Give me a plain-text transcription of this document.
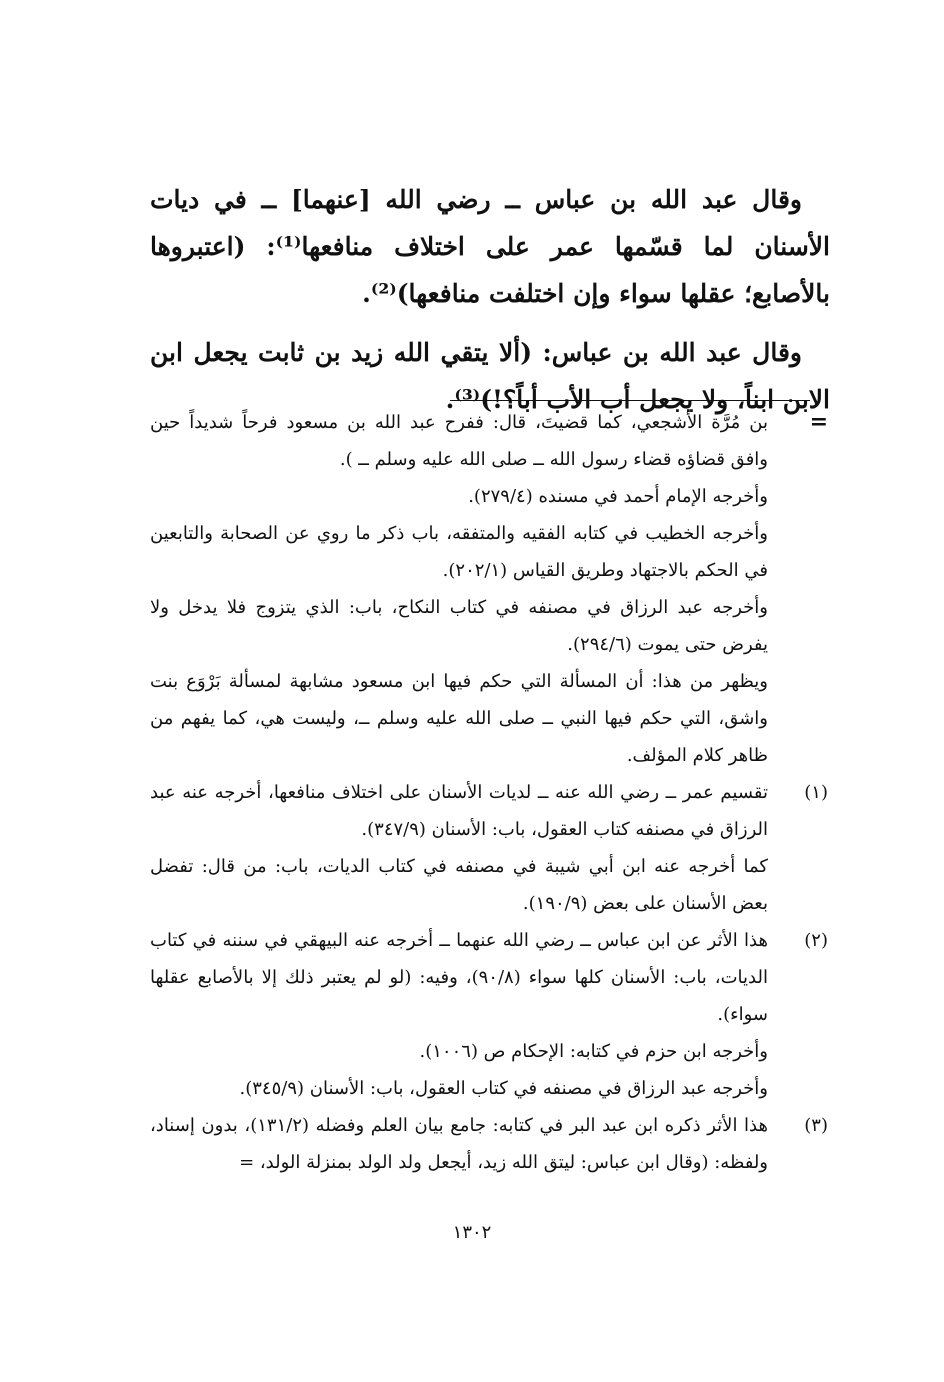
وقال عبد الله بن عباس ــ رضي الله [عنهما] ــ في ديات الأسنان لما قسّمها عمر على اختلاف منافعها⁽¹⁾: (اعتبروها بالأصابع؛ عقلها سواء وإن اختلفت منافعها)⁽²⁾.

وقال عبد الله بن عباس: (ألا يتقي الله زيد بن ثابت يجعل ابن الابن ابناً، ولا يجعل أب الأب أباً؟!)⁽³⁾.

=

بن مُرَّة الأشجعي، كما قضيتَ، قال: ففرح عبد الله بن مسعود فرحاً شديداً حين وافق قضاؤه قضاء رسول الله ــ صلى الله عليه وسلم ــ ).

وأخرجه الإمام أحمد في مسنده (٢٧٩/٤).

وأخرجه الخطيب في كتابه الفقيه والمتفقه، باب ذكر ما روي عن الصحابة والتابعين في الحكم بالاجتهاد وطريق القياس (٢٠٢/١).

وأخرجه عبد الرزاق في مصنفه في كتاب النكاح، باب: الذي يتزوج فلا يدخل ولا يفرض حتى يموت (٢٩٤/٦).

ويظهر من هذا: أن المسألة التي حكم فيها ابن مسعود مشابهة لمسألة بَرْوَع بنت واشق، التي حكم فيها النبي ــ صلى الله عليه وسلم ــ، وليست هي، كما يفهم من ظاهر كلام المؤلف.

(١)

تقسيم عمر ــ رضي الله عنه ــ لديات الأسنان على اختلاف منافعها، أخرجه عنه عبد الرزاق في مصنفه كتاب العقول، باب: الأسنان (٣٤٧/٩).

كما أخرجه عنه ابن أبي شيبة في مصنفه في كتاب الديات، باب: من قال: تفضل بعض الأسنان على بعض (١٩٠/٩).

(٢)

هذا الأثر عن ابن عباس ــ رضي الله عنهما ــ أخرجه عنه البيهقي في سننه في كتاب الديات، باب: الأسنان كلها سواء (٩٠/٨)، وفيه: (لو لم يعتبر ذلك إلا بالأصابع عقلها سواء).

وأخرجه ابن حزم في كتابه: الإحكام ص (١٠٠٦).

وأخرجه عبد الرزاق في مصنفه في كتاب العقول، باب: الأسنان (٣٤٥/٩).

(٣)

هذا الأثر ذكره ابن عبد البر في كتابه: جامع بيان العلم وفضله (١٣١/٢)، بدون إسناد، ولفظه: (وقال ابن عباس: ليتق الله زيد، أيجعل ولد الولد بمنزلة الولد، =

١٣٠٢
